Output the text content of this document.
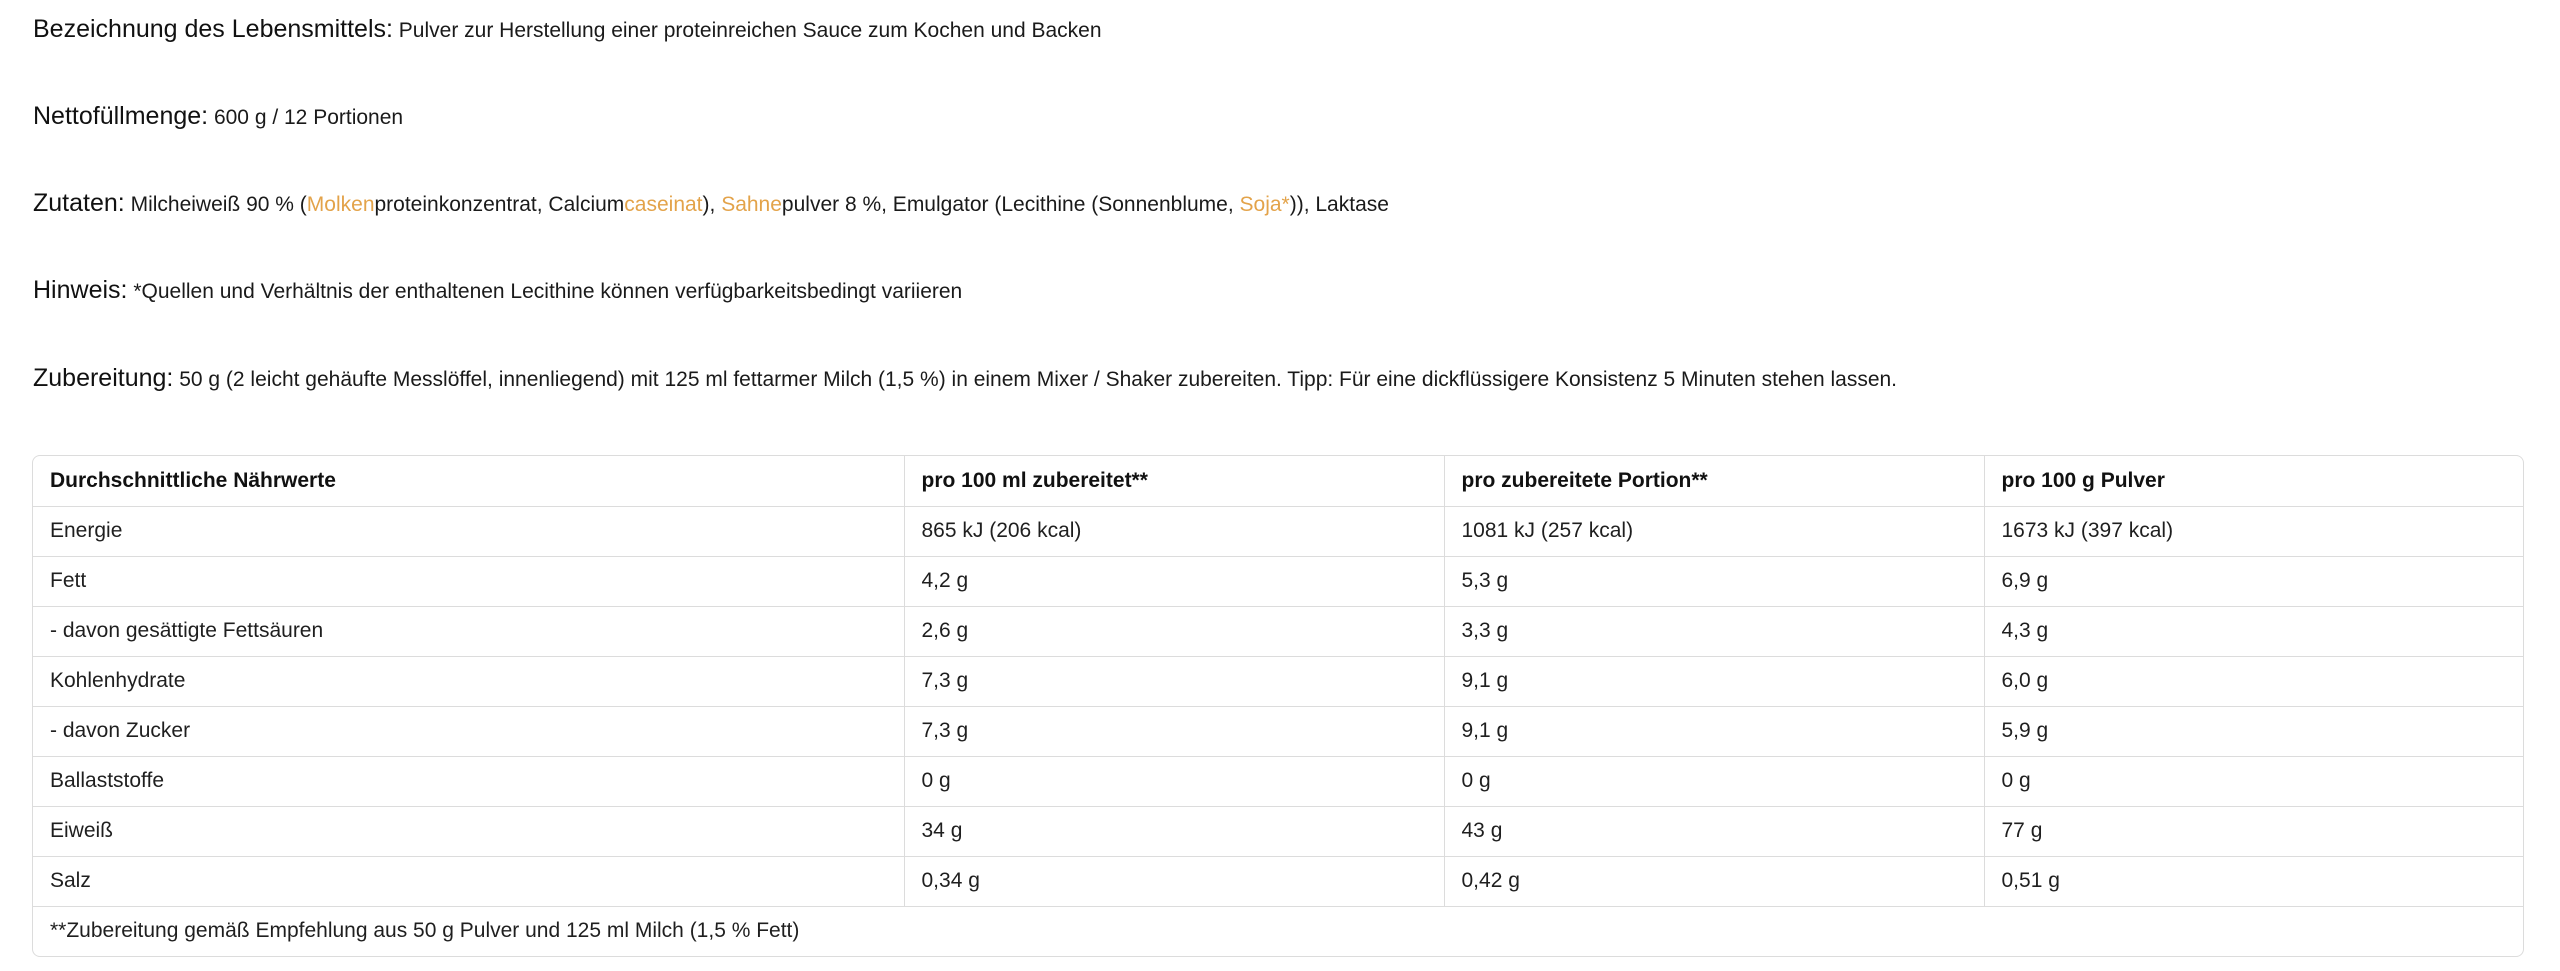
Bezeichnung des Lebensmittels: Pulver zur Herstellung einer proteinreichen Sauce zum Kochen und Backen
Nettofüllmenge: 600 g / 12 Portionen
Zutaten: Milcheiweiß 90 % (Molkenproteinkonzentrat, Calciumcaseinat), Sahnepulver 8 %, Emulgator (Lecithine (Sonnenblume, Soja*)), Laktase
Hinweis: *Quellen und Verhältnis der enthaltenen Lecithine können verfügbarkeitsbedingt variieren
Zubereitung: 50 g (2 leicht gehäufte Messlöffel, innenliegend) mit 125 ml fettarmer Milch (1,5 %) in einem Mixer / Shaker zubereiten. Tipp: Für eine dickflüssigere Konsistenz 5 Minuten stehen lassen.
Durchschnittliche Nährwerte	pro 100 ml zubereitet**	pro zubereitete Portion**	pro 100 g Pulver
Energie	865 kJ (206 kcal)	1081 kJ (257 kcal)	1673 kJ (397 kcal)
Fett	4,2 g	5,3 g	6,9 g
- davon gesättigte Fettsäuren	2,6 g	3,3 g	4,3 g
Kohlenhydrate	7,3 g	9,1 g	6,0 g
- davon Zucker	7,3 g	9,1 g	5,9 g
Ballaststoffe	0 g	0 g	0 g
Eiweiß	34 g	43 g	77 g
Salz	0,34 g	0,42 g	0,51 g
**Zubereitung gemäß Empfehlung aus 50 g Pulver und 125 ml Milch (1,5 % Fett)			
